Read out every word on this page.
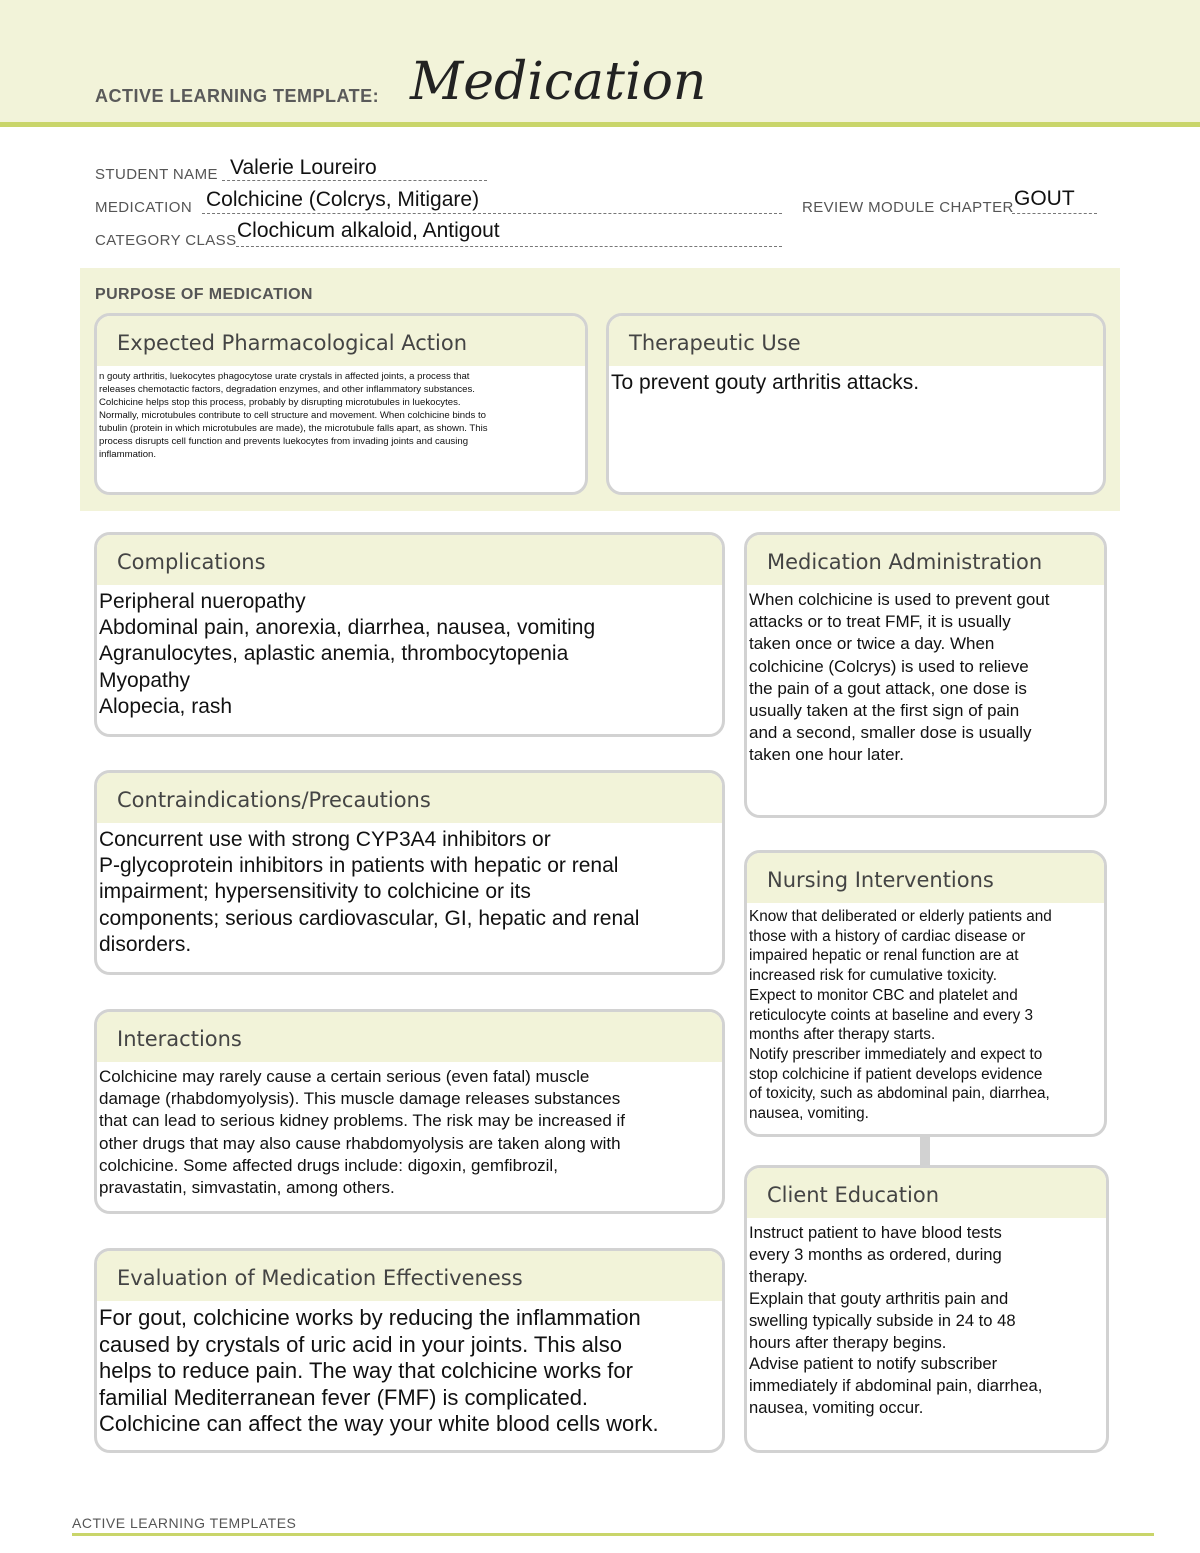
ACTIVE LEARNING TEMPLATE: Medication
STUDENT NAME Valerie Loureiro
MEDICATION Colchicine (Colcrys, Mitigare)	REVIEW MODULE CHAPTER GOUT
CATEGORY CLASS Clochicum alkaloid, Antigout
PURPOSE OF MEDICATION
Expected Pharmacological Action
n gouty arthritis, luekocytes phagocytose urate crystals in affected joints, a process that
releases chemotactic factors, degradation enzymes, and other inflammatory substances.
Colchicine helps stop this process, probably by disrupting microtubules in luekocytes.
Normally, microtubules contribute to cell structure and movement. When colchicine binds to
tubulin (protein in which microtubules are made), the microtubule falls apart, as shown. This
process disrupts cell function and prevents luekocytes from invading joints and causing
inflammation.
Therapeutic Use
To prevent gouty arthritis attacks.
Complications
Peripheral nueropathy
Abdominal pain, anorexia, diarrhea, nausea, vomiting
Agranulocytes, aplastic anemia, thrombocytopenia
Myopathy
Alopecia, rash
Contraindications/Precautions
Concurrent use with strong CYP3A4 inhibitors or
P-glycoprotein inhibitors in patients with hepatic or renal
impairment; hypersensitivity to colchicine or its
components; serious cardiovascular, GI, hepatic and renal
disorders.
Interactions
Colchicine may rarely cause a certain serious (even fatal) muscle
damage (rhabdomyolysis). This muscle damage releases substances
that can lead to serious kidney problems. The risk may be increased if
other drugs that may also cause rhabdomyolysis are taken along with
colchicine. Some affected drugs include: digoxin, gemfibrozil,
pravastatin, simvastatin, among others.
Evaluation of Medication Effectiveness
For gout, colchicine works by reducing the inflammation
caused by crystals of uric acid in your joints. This also
helps to reduce pain. The way that colchicine works for
familial Mediterranean fever (FMF) is complicated.
Colchicine can affect the way your white blood cells work.
Medication Administration
When colchicine is used to prevent gout
attacks or to treat FMF, it is usually
taken once or twice a day. When
colchicine (Colcrys) is used to relieve
the pain of a gout attack, one dose is
usually taken at the first sign of pain
and a second, smaller dose is usually
taken one hour later.
Nursing Interventions
Know that deliberated or elderly patients and
those with a history of cardiac disease or
impaired hepatic or renal function are at
increased risk for cumulative toxicity.
Expect to monitor CBC and platelet and
reticulocyte coints at baseline and every 3
months after therapy starts.
Notify prescriber immediately and expect to
stop colchicine if patient develops evidence
of toxicity, such as abdominal pain, diarrhea,
nausea, vomiting.
Client Education
Instruct patient to have blood tests
every 3 months as ordered, during
therapy.
Explain that gouty arthritis pain and
swelling typically subside in 24 to 48
hours after therapy begins.
Advise patient to notify subscriber
immediately if abdominal pain, diarrhea,
nausea, vomiting occur.
ACTIVE LEARNING TEMPLATES
